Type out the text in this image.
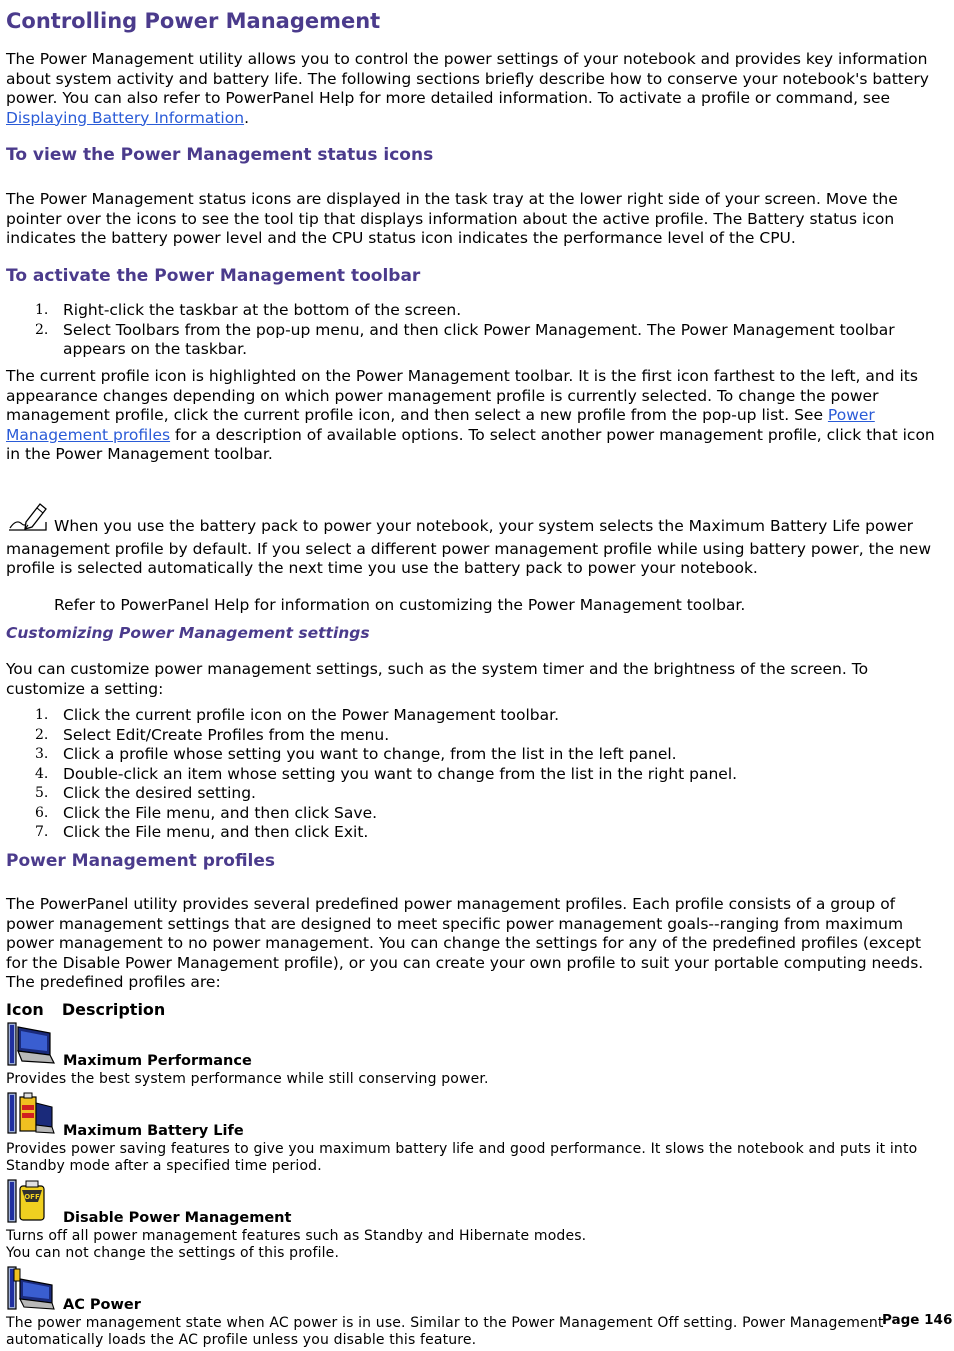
Controlling Power Management

The Power Management utility allows you to control the power settings of your notebook and provides key information about system activity and battery life. The following sections briefly describe how to conserve your notebook's battery power. You can also refer to PowerPanel Help for more detailed information. To activate a profile or command, see Displaying Battery Information.

To view the Power Management status icons

The Power Management status icons are displayed in the task tray at the lower right side of your screen. Move the pointer over the icons to see the tool tip that displays information about the active profile. The Battery status icon indicates the battery power level and the CPU status icon indicates the performance level of the CPU.

To activate the Power Management toolbar
1. Right-click the taskbar at the bottom of the screen.
2. Select Toolbars from the pop-up menu, and then click Power Management. The Power Management toolbar appears on the taskbar.

The current profile icon is highlighted on the Power Management toolbar. It is the first icon farthest to the left, and its appearance changes depending on which power management profile is currently selected. To change the power management profile, click the current profile icon, and then select a new profile from the pop-up list. See Power Management profiles for a description of available options. To select another power management profile, click that icon in the Power Management toolbar.

When you use the battery pack to power your notebook, your system selects the Maximum Battery Life power management profile by default. If you select a different power management profile while using battery power, the new profile is selected automatically the next time you use the battery pack to power your notebook.

Refer to PowerPanel Help for information on customizing the Power Management toolbar.
Customizing Power Management settings

You can customize power management settings, such as the system timer and the brightness of the screen. To customize a setting:

1. Click the current profile icon on the Power Management toolbar.
2. Select Edit/Create Profiles from the menu.
3. Click a profile whose setting you want to change, from the list in the left panel.
4. Double-click an item whose setting you want to change from the list in the right panel.
5. Click the desired setting.
6. Click the File menu, and then click Save.
7. Click the File menu, and then click Exit.
Power Management profiles

The PowerPanel utility provides several predefined power management profiles. Each profile consists of a group of power management settings that are designed to meet specific power management goals--ranging from maximum power management to no power management. You can change the settings for any of the predefined profiles (except for the Disable Power Management profile), or you can create your own profile to suit your portable computing needs. The predefined profiles are:

Icon Description
Maximum Performance
Provides the best system performance while still conserving power.
Maximum Battery Life
Provides power saving features to give you maximum battery life and good performance. It slows the notebook and puts it into Standby mode after a specified time period.
OFF
Disable Power Management
Turns off all power management features such as Standby and Hibernate modes.
You can not change the settings of this profile.
AC Power
The power management state when AC power is in use. Similar to the Power Management Off setting. Power Management automatically loads the AC profile unless you disable this feature.
Page 146
